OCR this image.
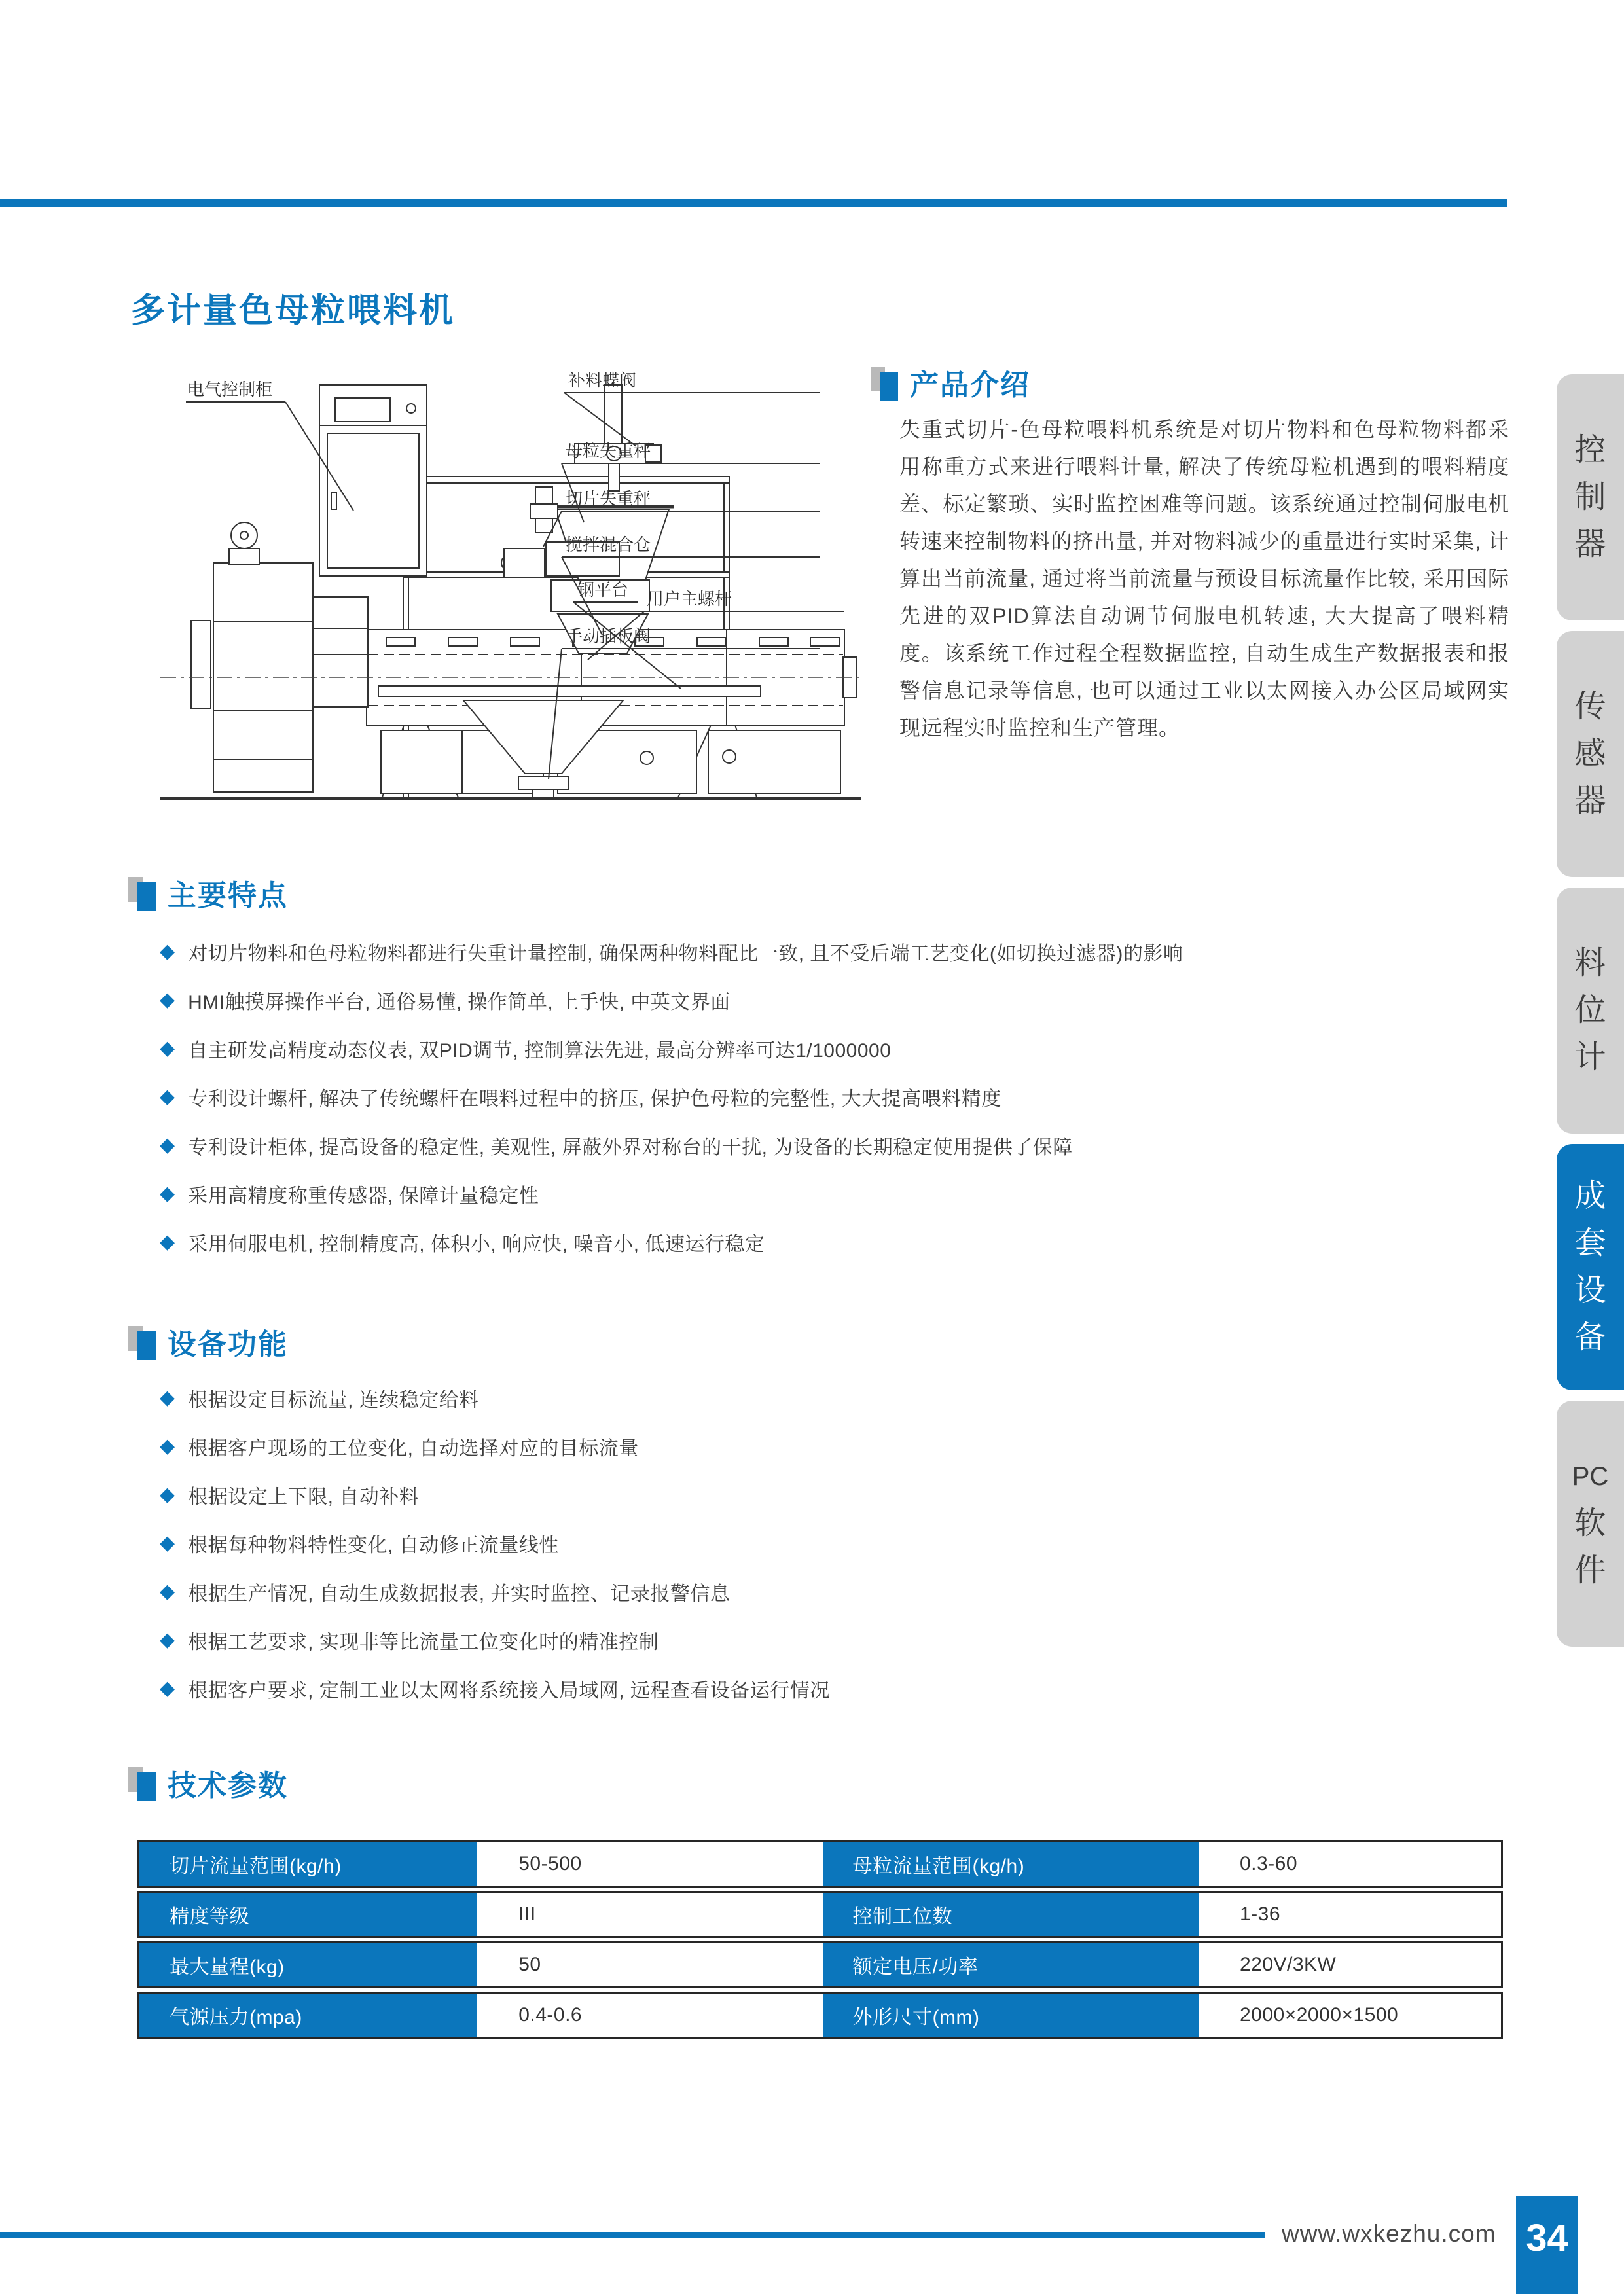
多计量色母粒喂料机
电气控制柜	补料蝶阀
母粒失重秤
切片失重秤
搅拌混合仓
钢平台
手动插板阀
用户主螺杆
产品介绍

失重式切片-色母粒喂料机系统是对切片物料和色母粒物料都采用称重方式来进行喂料计量, 解决了传统母粒机遇到的喂料精度差、标定繁琐、实时监控困难等问题。该系统通过控制伺服电机转速来控制物料的挤出量, 并对物料减少的重量进行实时采集, 计算出当前流量, 通过将当前流量与预设目标流量作比较, 采用国际先进的双PID算法自动调节伺服电机转速, 大大提高了喂料精度。该系统工作过程全程数据监控, 自动生成生产数据报表和报警信息记录等信息, 也可以通过工业以太网接入办公区局域网实现远程实时监控和生产管理。

主要特点
◆ 对切片物料和色母粒物料都进行失重计量控制, 确保两种物料配比一致, 且不受后端工艺变化(如切换过滤器)的影响
◆ HMI触摸屏操作平台, 通俗易懂, 操作简单, 上手快, 中英文界面
◆ 自主研发高精度动态仪表, 双PID调节, 控制算法先进, 最高分辨率可达1/1000000
◆ 专利设计螺杆, 解决了传统螺杆在喂料过程中的挤压, 保护色母粒的完整性, 大大提高喂料精度
◆ 专利设计柜体, 提高设备的稳定性, 美观性, 屏蔽外界对称台的干扰, 为设备的长期稳定使用提供了保障
◆ 采用高精度称重传感器, 保障计量稳定性
◆ 采用伺服电机, 控制精度高, 体积小, 响应快, 噪音小, 低速运行稳定
设备功能
◆ 根据设定目标流量, 连续稳定给料
◆ 根据客户现场的工位变化, 自动选择对应的目标流量
◆ 根据设定上下限, 自动补料
◆ 根据每种物料特性变化, 自动修正流量线性
◆ 根据生产情况, 自动生成数据报表, 并实时监控、记录报警信息
◆ 根据工艺要求, 实现非等比流量工位变化时的精准控制
◆ 根据客户要求, 定制工业以太网将系统接入局域网, 远程查看设备运行情况
技术参数
切片流量范围(kg/h)	50-500	母粒流量范围(kg/h)	0.3-60
精度等级	III	控制工位数	1-36
最大量程(kg)	50	额定电压/功率	220V/3KW
气源压力(mpa)	0.4-0.6	外形尺寸(mm)	2000×2000×1500
控
制
器
传
感
器
料
位
计
成
套
设
备
PC
软
件
www.wxkezhu.com 34
